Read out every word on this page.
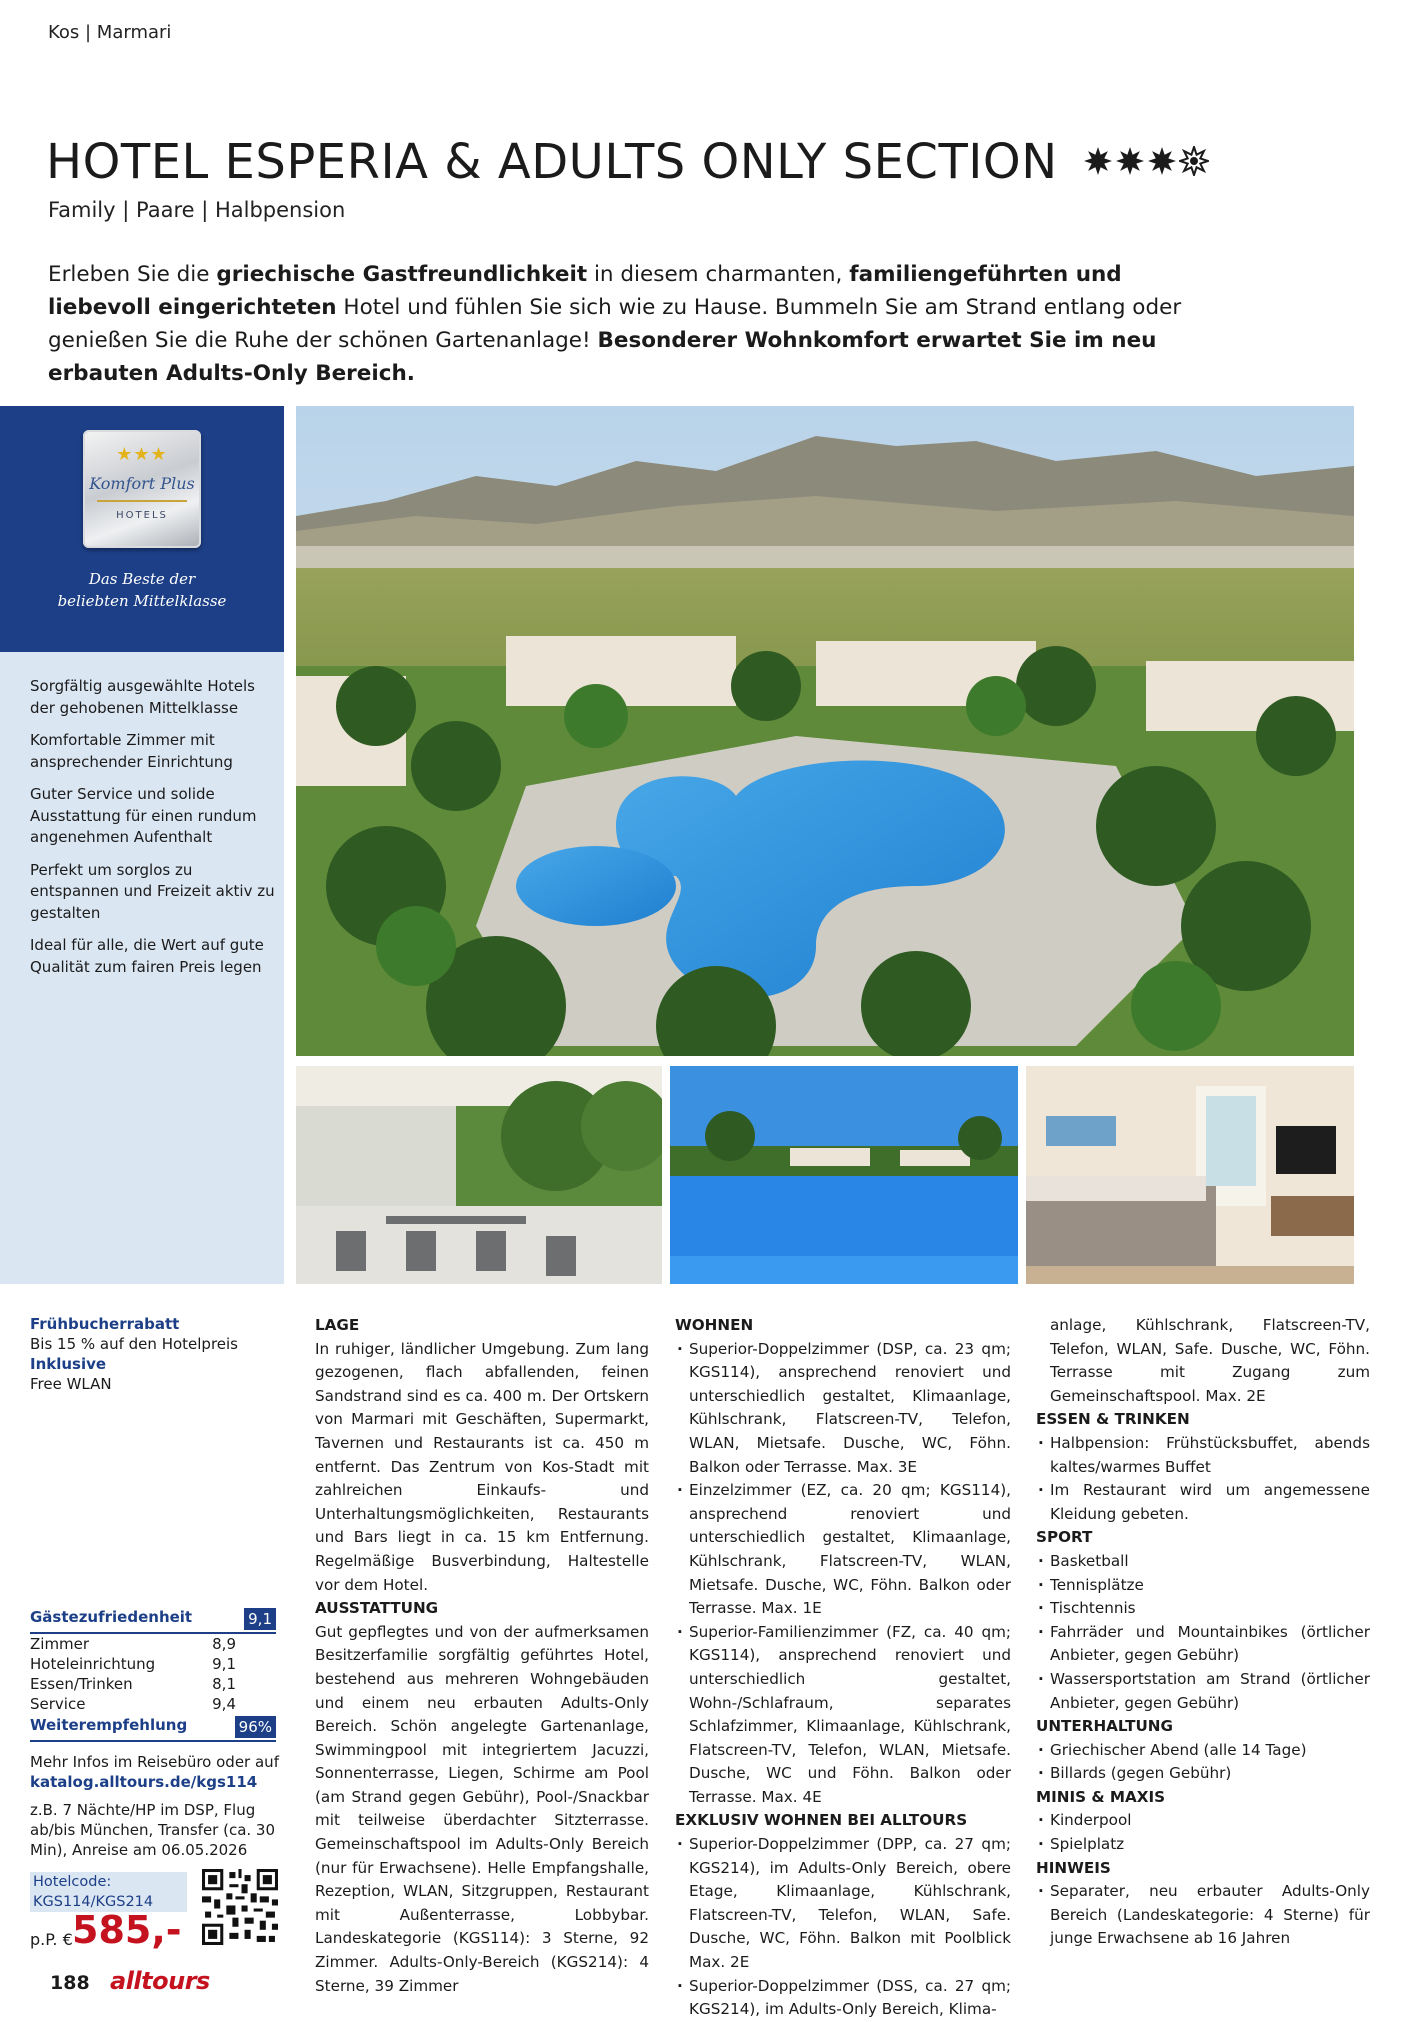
Kos | Marmari
HOTEL ESPERIA & ADULTS ONLY SECTION
Family | Paare | Halbpension
Erleben Sie die griechische Gastfreundlichkeit in diesem charmanten, familiengeführten und liebevoll eingerichteten Hotel und fühlen Sie sich wie zu Hause. Bummeln Sie am Strand entlang oder genießen Sie die Ruhe der schönen Gartenanlage! Besonderer Wohnkomfort erwartet Sie im neu erbauten Adults-Only Bereich.
★★★
Komfort Plus
HOTELS
Das Beste der
beliebten Mittelklasse
Sorgfältig ausgewählte Hotels der gehobenen Mittelklasse
Komfortable Zimmer mit ansprechender Einrichtung
Guter Service und solide Ausstattung für einen rundum angenehmen Aufenthalt
Perfekt um sorglos zu entspannen und Freizeit aktiv zu gestalten
Ideal für alle, die Wert auf gute Qualität zum fairen Preis legen
Frühbucherrabatt
Bis 15 % auf den Hotelpreis
Inklusive
Free WLAN
Gästezufriedenheit	9,1
Zimmer	8,9
Hoteleinrichtung	9,1
Essen/Trinken	8,1
Service	9,4
Weiterempfehlung	96%
Mehr Infos im Reisebüro oder auf
katalog.alltours.de/kgs114
z.B. 7 Nächte/HP im DSP, Flug ab/bis München, Transfer (ca. 30 Min), Anreise am 06.05.2026
Hotelcode:
KGS114/KGS214
p.P. € 585,-
188 alltours
LAGE

In ruhiger, ländlicher Umgebung. Zum lang gezogenen, flach abfallenden, feinen Sandstrand sind es ca. 400 m. Der Ortskern von Marmari mit Geschäften, Supermarkt, Tavernen und Restaurants ist ca. 450 m entfernt. Das Zentrum von Kos-Stadt mit zahlreichen Einkaufs- und Unterhaltungsmöglichkeiten, Restaurants und Bars liegt in ca. 15 km Entfernung. Regelmäßige Busverbindung, Haltestelle vor dem Hotel.

AUSSTATTUNG

Gut gepflegtes und von der aufmerksamen Besitzerfamilie sorgfältig geführtes Hotel, bestehend aus mehreren Wohngebäuden und einem neu erbauten Adults-Only Bereich. Schön angelegte Gartenanlage, Swimmingpool mit integriertem Jacuzzi, Sonnenterrasse, Liegen, Schirme am Pool (am Strand gegen Gebühr), Pool-/Snackbar mit teilweise überdachter Sitzterrasse. Gemeinschaftspool im Adults-Only Bereich (nur für Erwachsene). Helle Empfangshalle, Rezeption, WLAN, Sitzgruppen, Restaurant mit Außenterrasse, Lobbybar. Landeskategorie (KGS114): 3 Sterne, 92 Zimmer. Adults-Only-Bereich (KGS214): 4 Sterne, 39 Zimmer

WOHNEN
· Superior-Doppelzimmer (DSP, ca. 23 qm; KGS114), ansprechend renoviert und unterschiedlich gestaltet, Klimaanlage, Kühlschrank, Flatscreen-TV, Telefon, WLAN, Mietsafe. Dusche, WC, Föhn. Balkon oder Terrasse. Max. 3E
· Einzelzimmer (EZ, ca. 20 qm; KGS114), ansprechend renoviert und unterschiedlich gestaltet, Klimaanlage, Kühlschrank, Flatscreen-TV, WLAN, Mietsafe. Dusche, WC, Föhn. Balkon oder Terrasse. Max. 1E
· Superior-Familienzimmer (FZ, ca. 40 qm; KGS114), ansprechend renoviert und unterschiedlich gestaltet, Wohn-/Schlafraum, separates Schlafzimmer, Klimaanlage, Kühlschrank, Flatscreen-TV, Telefon, WLAN, Mietsafe. Dusche, WC und Föhn. Balkon oder Terrasse. Max. 4E
EXKLUSIV WOHNEN BEI ALLTOURS
· Superior-Doppelzimmer (DPP, ca. 27 qm; KGS214), im Adults-Only Bereich, obere Etage, Klimaanlage, Kühlschrank, Flatscreen-TV, Telefon, WLAN, Safe. Dusche, WC, Föhn. Balkon mit Poolblick Max. 2E
· Superior-Doppelzimmer (DSS, ca. 27 qm; KGS214), im Adults-Only Bereich, Klima-

anlage, Kühlschrank, Flatscreen-TV, Telefon, WLAN, Safe. Dusche, WC, Föhn. Terrasse mit Zugang zum Gemeinschaftspool. Max. 2E

ESSEN & TRINKEN
· Halbpension: Frühstücksbuffet, abends kaltes/warmes Buffet
· Im Restaurant wird um angemessene Kleidung gebeten.
SPORT
· Basketball
· Tennisplätze
· Tischtennis
· Fahrräder und Mountainbikes (örtlicher Anbieter, gegen Gebühr)
· Wassersportstation am Strand (örtlicher Anbieter, gegen Gebühr)
UNTERHALTUNG
· Griechischer Abend (alle 14 Tage)
· Billards (gegen Gebühr)
MINIS & MAXIS
· Kinderpool
· Spielplatz
HINWEIS
· Separater, neu erbauter Adults-Only Bereich (Landeskategorie: 4 Sterne) für junge Erwachsene ab 16 Jahren
